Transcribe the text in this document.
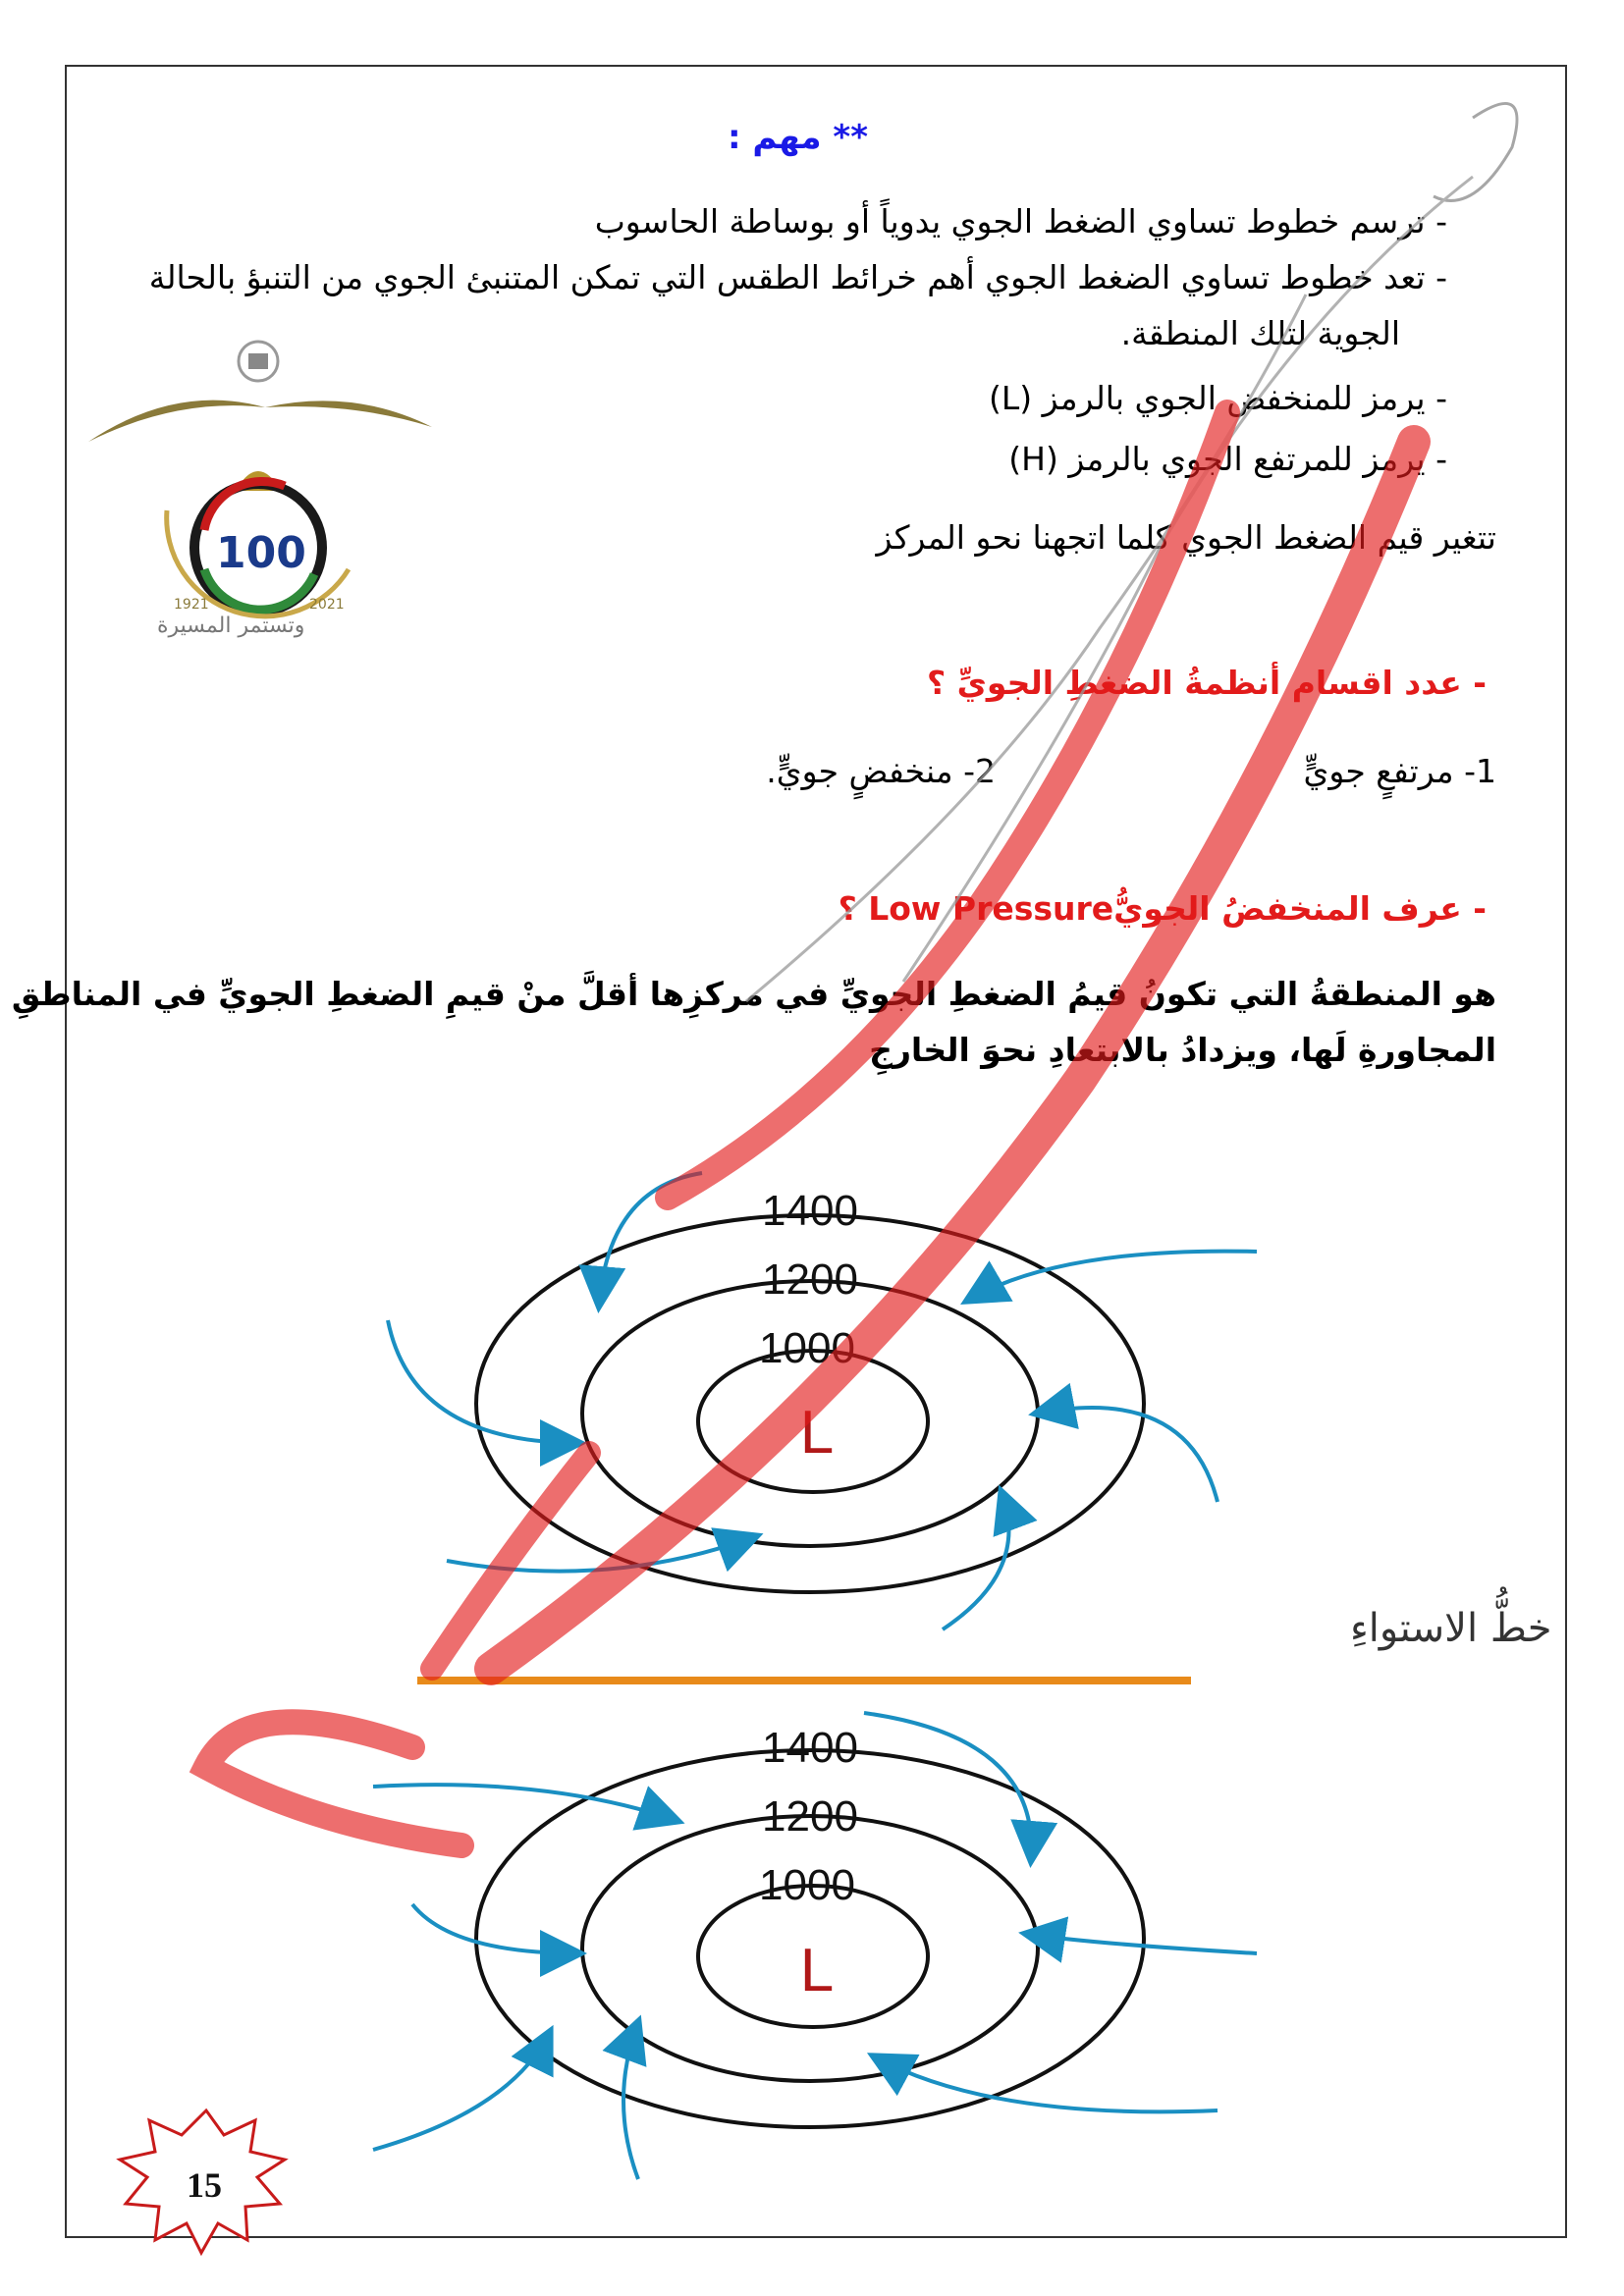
** مهم :
- ترسم خطوط تساوي الضغط الجوي يدوياً أو بوساطة الحاسوب
- تعد خطوط تساوي الضغط الجوي أهم خرائط الطقس التي تمكن المتنبئ الجوي من التنبؤ بالحالة
الجوية لتلك المنطقة.
- يرمز للمنخفض الجوي بالرمز (L)
- يرمز للمرتفع الجوي بالرمز (H)
تتغير قيم الضغط الجوي كلما اتجهنا نحو المركز
100
1921	2021
وتستمر المسيرة
- عدد اقسام أنظمةُ الضغطِ الجويِّ ؟
1- مرتفعٍ جويٍّ
2- منخفضٍ جويٍّ.
- عرف المنخفضُ الجويُّLow Pressure ؟
هو المنطقةُ التي تكونُ قيمُ الضغطِ الجويِّ في مركزِها أقلَّ منْ قيمِ الضغطِ الجويِّ في المناطقِ
المجاورةِ لَها، ويزدادُ بالابتعادِ نحوَ الخارجِ
1400
1200
1000
L
خطُّ الاستواءِ
1400
1200
1000
L
15
